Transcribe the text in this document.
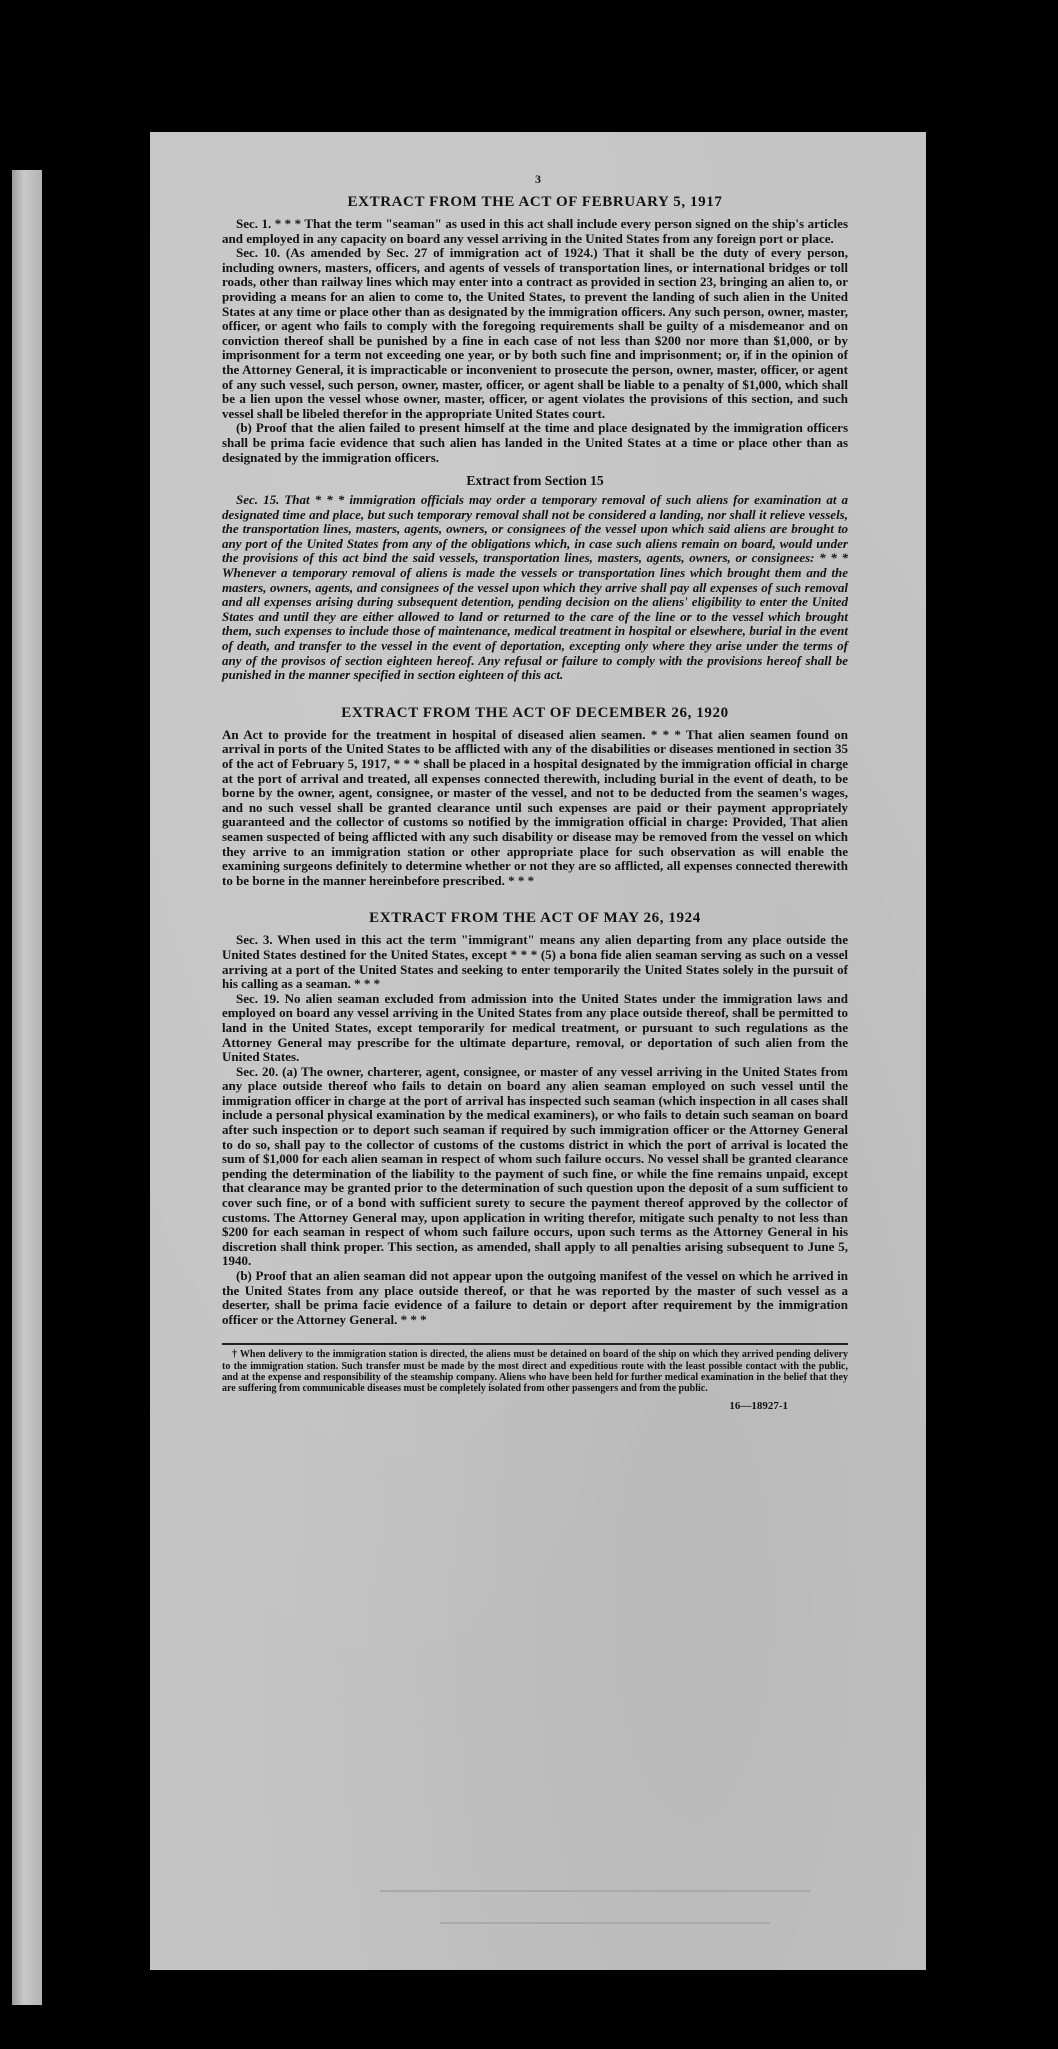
3
EXTRACT FROM THE ACT OF FEBRUARY 5, 1917

Sec. 1. * * * That the term "seaman" as used in this act shall include every person signed on the ship's articles and employed in any capacity on board any vessel arriving in the United States from any foreign port or place.

Sec. 10. (As amended by Sec. 27 of immigration act of 1924.) That it shall be the duty of every person, including owners, masters, officers, and agents of vessels of transportation lines, or international bridges or toll roads, other than railway lines which may enter into a contract as provided in section 23, bringing an alien to, or providing a means for an alien to come to, the United States, to prevent the landing of such alien in the United States at any time or place other than as designated by the immigration officers. Any such person, owner, master, officer, or agent who fails to comply with the foregoing requirements shall be guilty of a misdemeanor and on conviction thereof shall be punished by a fine in each case of not less than $200 nor more than $1,000, or by imprisonment for a term not exceeding one year, or by both such fine and imprisonment; or, if in the opinion of the Attorney General, it is impracticable or inconvenient to prosecute the person, owner, master, officer, or agent of any such vessel, such person, owner, master, officer, or agent shall be liable to a penalty of $1,000, which shall be a lien upon the vessel whose owner, master, officer, or agent violates the provisions of this section, and such vessel shall be libeled therefor in the appropriate United States court.

(b) Proof that the alien failed to present himself at the time and place designated by the immigration officers shall be prima facie evidence that such alien has landed in the United States at a time or place other than as designated by the immigration officers.

Extract from Section 15

Sec. 15. That * * * immigration officials may order a temporary removal of such aliens for examination at a designated time and place, but such temporary removal shall not be considered a landing, nor shall it relieve vessels, the transportation lines, masters, agents, owners, or consignees of the vessel upon which said aliens are brought to any port of the United States from any of the obligations which, in case such aliens remain on board, would under the provisions of this act bind the said vessels, transportation lines, masters, agents, owners, or consignees: * * * Whenever a temporary removal of aliens is made the vessels or transportation lines which brought them and the masters, owners, agents, and consignees of the vessel upon which they arrive shall pay all expenses of such removal and all expenses arising during subsequent detention, pending decision on the aliens' eligibility to enter the United States and until they are either allowed to land or returned to the care of the line or to the vessel which brought them, such expenses to include those of maintenance, medical treatment in hospital or elsewhere, burial in the event of death, and transfer to the vessel in the event of deportation, excepting only where they arise under the terms of any of the provisos of section eighteen hereof. Any refusal or failure to comply with the provisions hereof shall be punished in the manner specified in section eighteen of this act.

EXTRACT FROM THE ACT OF DECEMBER 26, 1920

An Act to provide for the treatment in hospital of diseased alien seamen. * * * That alien seamen found on arrival in ports of the United States to be afflicted with any of the disabilities or diseases mentioned in section 35 of the act of February 5, 1917, * * * shall be placed in a hospital designated by the immigration official in charge at the port of arrival and treated, all expenses connected therewith, including burial in the event of death, to be borne by the owner, agent, consignee, or master of the vessel, and not to be deducted from the seamen's wages, and no such vessel shall be granted clearance until such expenses are paid or their payment appropriately guaranteed and the collector of customs so notified by the immigration official in charge: Provided, That alien seamen suspected of being afflicted with any such disability or disease may be removed from the vessel on which they arrive to an immigration station or other appropriate place for such observation as will enable the examining surgeons definitely to determine whether or not they are so afflicted, all expenses connected therewith to be borne in the manner hereinbefore prescribed. * * *

EXTRACT FROM THE ACT OF MAY 26, 1924

Sec. 3. When used in this act the term "immigrant" means any alien departing from any place outside the United States destined for the United States, except * * * (5) a bona fide alien seaman serving as such on a vessel arriving at a port of the United States and seeking to enter temporarily the United States solely in the pursuit of his calling as a seaman. * * *

Sec. 19. No alien seaman excluded from admission into the United States under the immigration laws and employed on board any vessel arriving in the United States from any place outside thereof, shall be permitted to land in the United States, except temporarily for medical treatment, or pursuant to such regulations as the Attorney General may prescribe for the ultimate departure, removal, or deportation of such alien from the United States.

Sec. 20. (a) The owner, charterer, agent, consignee, or master of any vessel arriving in the United States from any place outside thereof who fails to detain on board any alien seaman employed on such vessel until the immigration officer in charge at the port of arrival has inspected such seaman (which inspection in all cases shall include a personal physical examination by the medical examiners), or who fails to detain such seaman on board after such inspection or to deport such seaman if required by such immigration officer or the Attorney General to do so, shall pay to the collector of customs of the customs district in which the port of arrival is located the sum of $1,000 for each alien seaman in respect of whom such failure occurs. No vessel shall be granted clearance pending the determination of the liability to the payment of such fine, or while the fine remains unpaid, except that clearance may be granted prior to the determination of such question upon the deposit of a sum sufficient to cover such fine, or of a bond with sufficient surety to secure the payment thereof approved by the collector of customs. The Attorney General may, upon application in writing therefor, mitigate such penalty to not less than $200 for each seaman in respect of whom such failure occurs, upon such terms as the Attorney General in his discretion shall think proper. This section, as amended, shall apply to all penalties arising subsequent to June 5, 1940.

(b) Proof that an alien seaman did not appear upon the outgoing manifest of the vessel on which he arrived in the United States from any place outside thereof, or that he was reported by the master of such vessel as a deserter, shall be prima facie evidence of a failure to detain or deport after requirement by the immigration officer or the Attorney General. * * *

† When delivery to the immigration station is directed, the aliens must be detained on board of the ship on which they arrived pending delivery to the immigration station. Such transfer must be made by the most direct and expeditious route with the least possible contact with the public, and at the expense and responsibility of the steamship company. Aliens who have been held for further medical examination in the belief that they are suffering from communicable diseases must be completely isolated from other passengers and from the public.

16—18927-1
